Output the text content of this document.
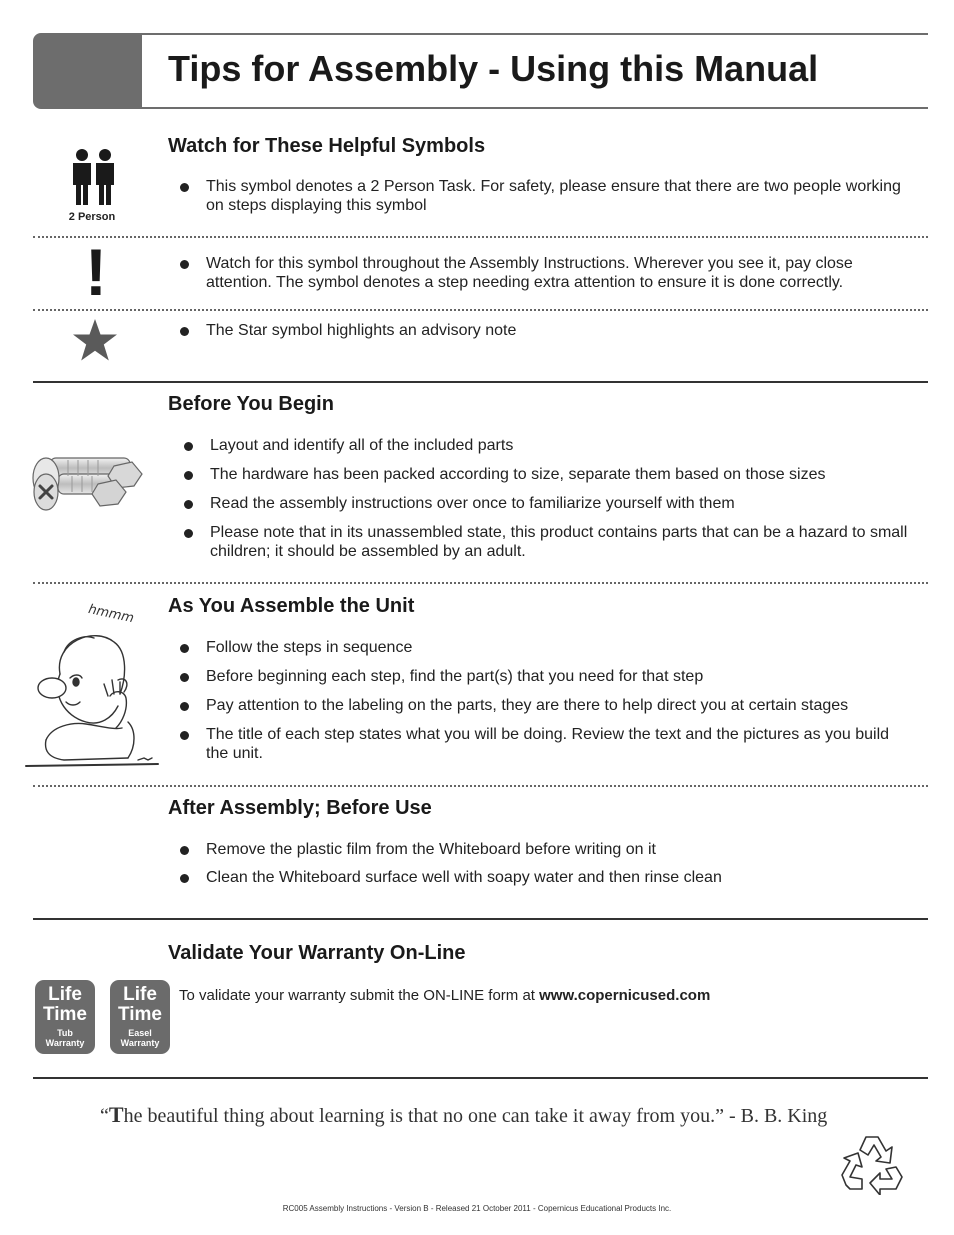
Tips for Assembly - Using this Manual
Watch for These Helpful Symbols
2 Person
This symbol denotes a 2 Person Task. For safety, please ensure that there are two people working on steps displaying this symbol
!	Watch for this symbol throughout the Assembly Instructions. Wherever you see it, pay close attention. The symbol denotes a step needing extra attention to ensure it is done correctly.
The Star symbol highlights an advisory note
Before You Begin
Layout and identify all of the included parts
The hardware has been packed according to size, separate them based on those sizes
Read the assembly instructions over once to familiarize yourself with them
Please note that in its unassembled state, this product contains parts that can be a hazard to small children; it should be assembled by an adult.
As You Assemble the Unit
hmmm
Follow the steps in sequence
Before beginning each step, find the part(s) that you need for that step
Pay attention to the labeling on the parts, they are there to help direct you at certain stages
The title of each step states what you will be doing. Review the text and the pictures as you build the unit.
After Assembly; Before Use
Remove the plastic film from the Whiteboard before writing on it
Clean the Whiteboard surface well with soapy water and then rinse clean
Validate Your Warranty On-Line
Life
Time
Tub
Warranty
Life
Time
Easel
Warranty
To validate your warranty submit the ON-LINE form at www.copernicused.com
“The beautiful thing about learning is that no one can take it away from you.” - B. B. King
RC005 Assembly Instructions - Version B - Released 21 October 2011 - Copernicus Educational Products Inc.
